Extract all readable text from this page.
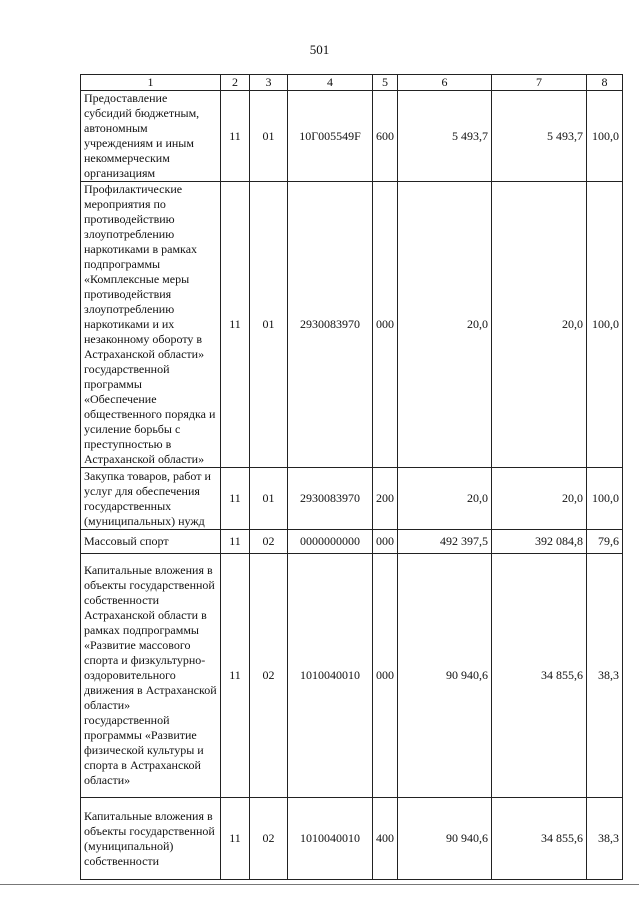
501
1	2	3	4	5	6	7	8
Предоставление субсидий бюджетным, автономным учреждениям и иным некоммерческим организациям	11	01	10Г005549F	600	5 493,7	5 493,7	100,0
Профилактические мероприятия по противодействию злоупотреблению наркотиками в рамках подпрограммы «Комплексные меры противодействия злоупотреблению наркотиками и их незаконному обороту в Астраханской области» государственной программы «Обеспечение общественного порядка и усиление борьбы с преступностью в Астраханской области»	11	01	2930083970	000	20,0	20,0	100,0
Закупка товаров, работ и услуг для обеспечения государственных (муниципальных) нужд	11	01	2930083970	200	20,0	20,0	100,0
Массовый спорт	11	02	0000000000	000	492 397,5	392 084,8	79,6
Капитальные вложения в объекты государственной собственности Астраханской области в рамках подпрограммы «Развитие массового спорта и физкультурно-оздоровительного движения в Астраханской области» государственной программы «Развитие физической культуры и спорта в Астраханской области»	11	02	1010040010	000	90 940,6	34 855,6	38,3
Капитальные вложения в объекты государственной (муниципальной) собственности	11	02	1010040010	400	90 940,6	34 855,6	38,3
